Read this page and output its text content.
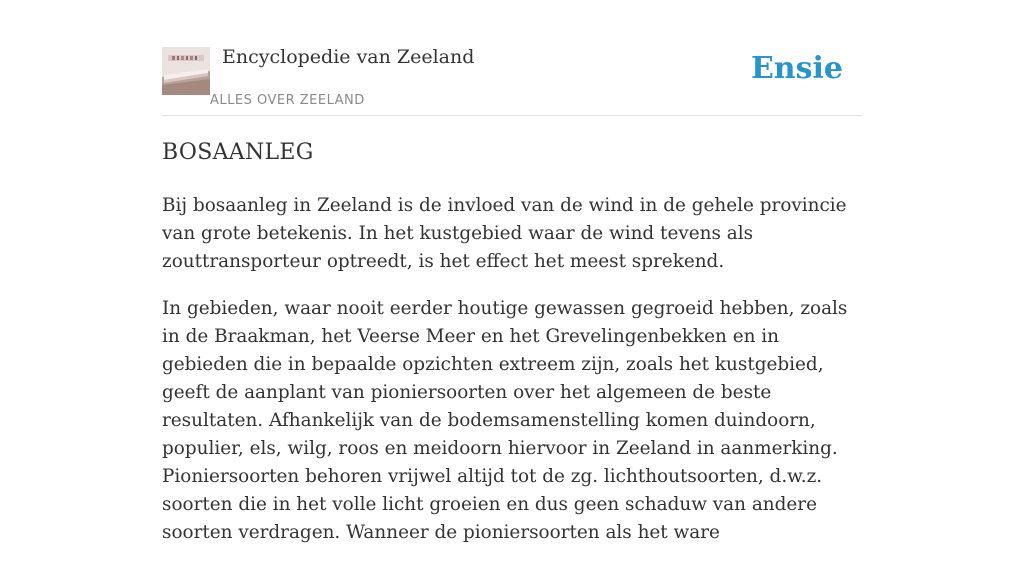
Encyclopedie van Zeeland
ALLES OVER ZEELAND
Ensie
BOSAANLEG

Bij bosaanleg in Zeeland is de invloed van de wind in de gehele provincie van grote betekenis. In het kustgebied waar de wind tevens als zouttransporteur optreedt, is het effect het meest sprekend.

In gebieden, waar nooit eerder houtige gewassen gegroeid hebben, zoals in de Braakman, het Veerse Meer en het Grevelingenbekken en in gebieden die in bepaalde opzichten extreem zijn, zoals het kustgebied, geeft de aanplant van pioniersoorten over het algemeen de beste resultaten. Afhankelijk van de bodemsamenstelling komen duindoorn, populier, els, wilg, roos en meidoorn hiervoor in Zeeland in aanmerking. Pioniersoorten behoren vrijwel altijd tot de zg. lichthoutsoorten, d.w.z. soorten die in het volle licht groeien en dus geen schaduw van andere soorten verdragen. Wanneer de pioniersoorten als het ware
